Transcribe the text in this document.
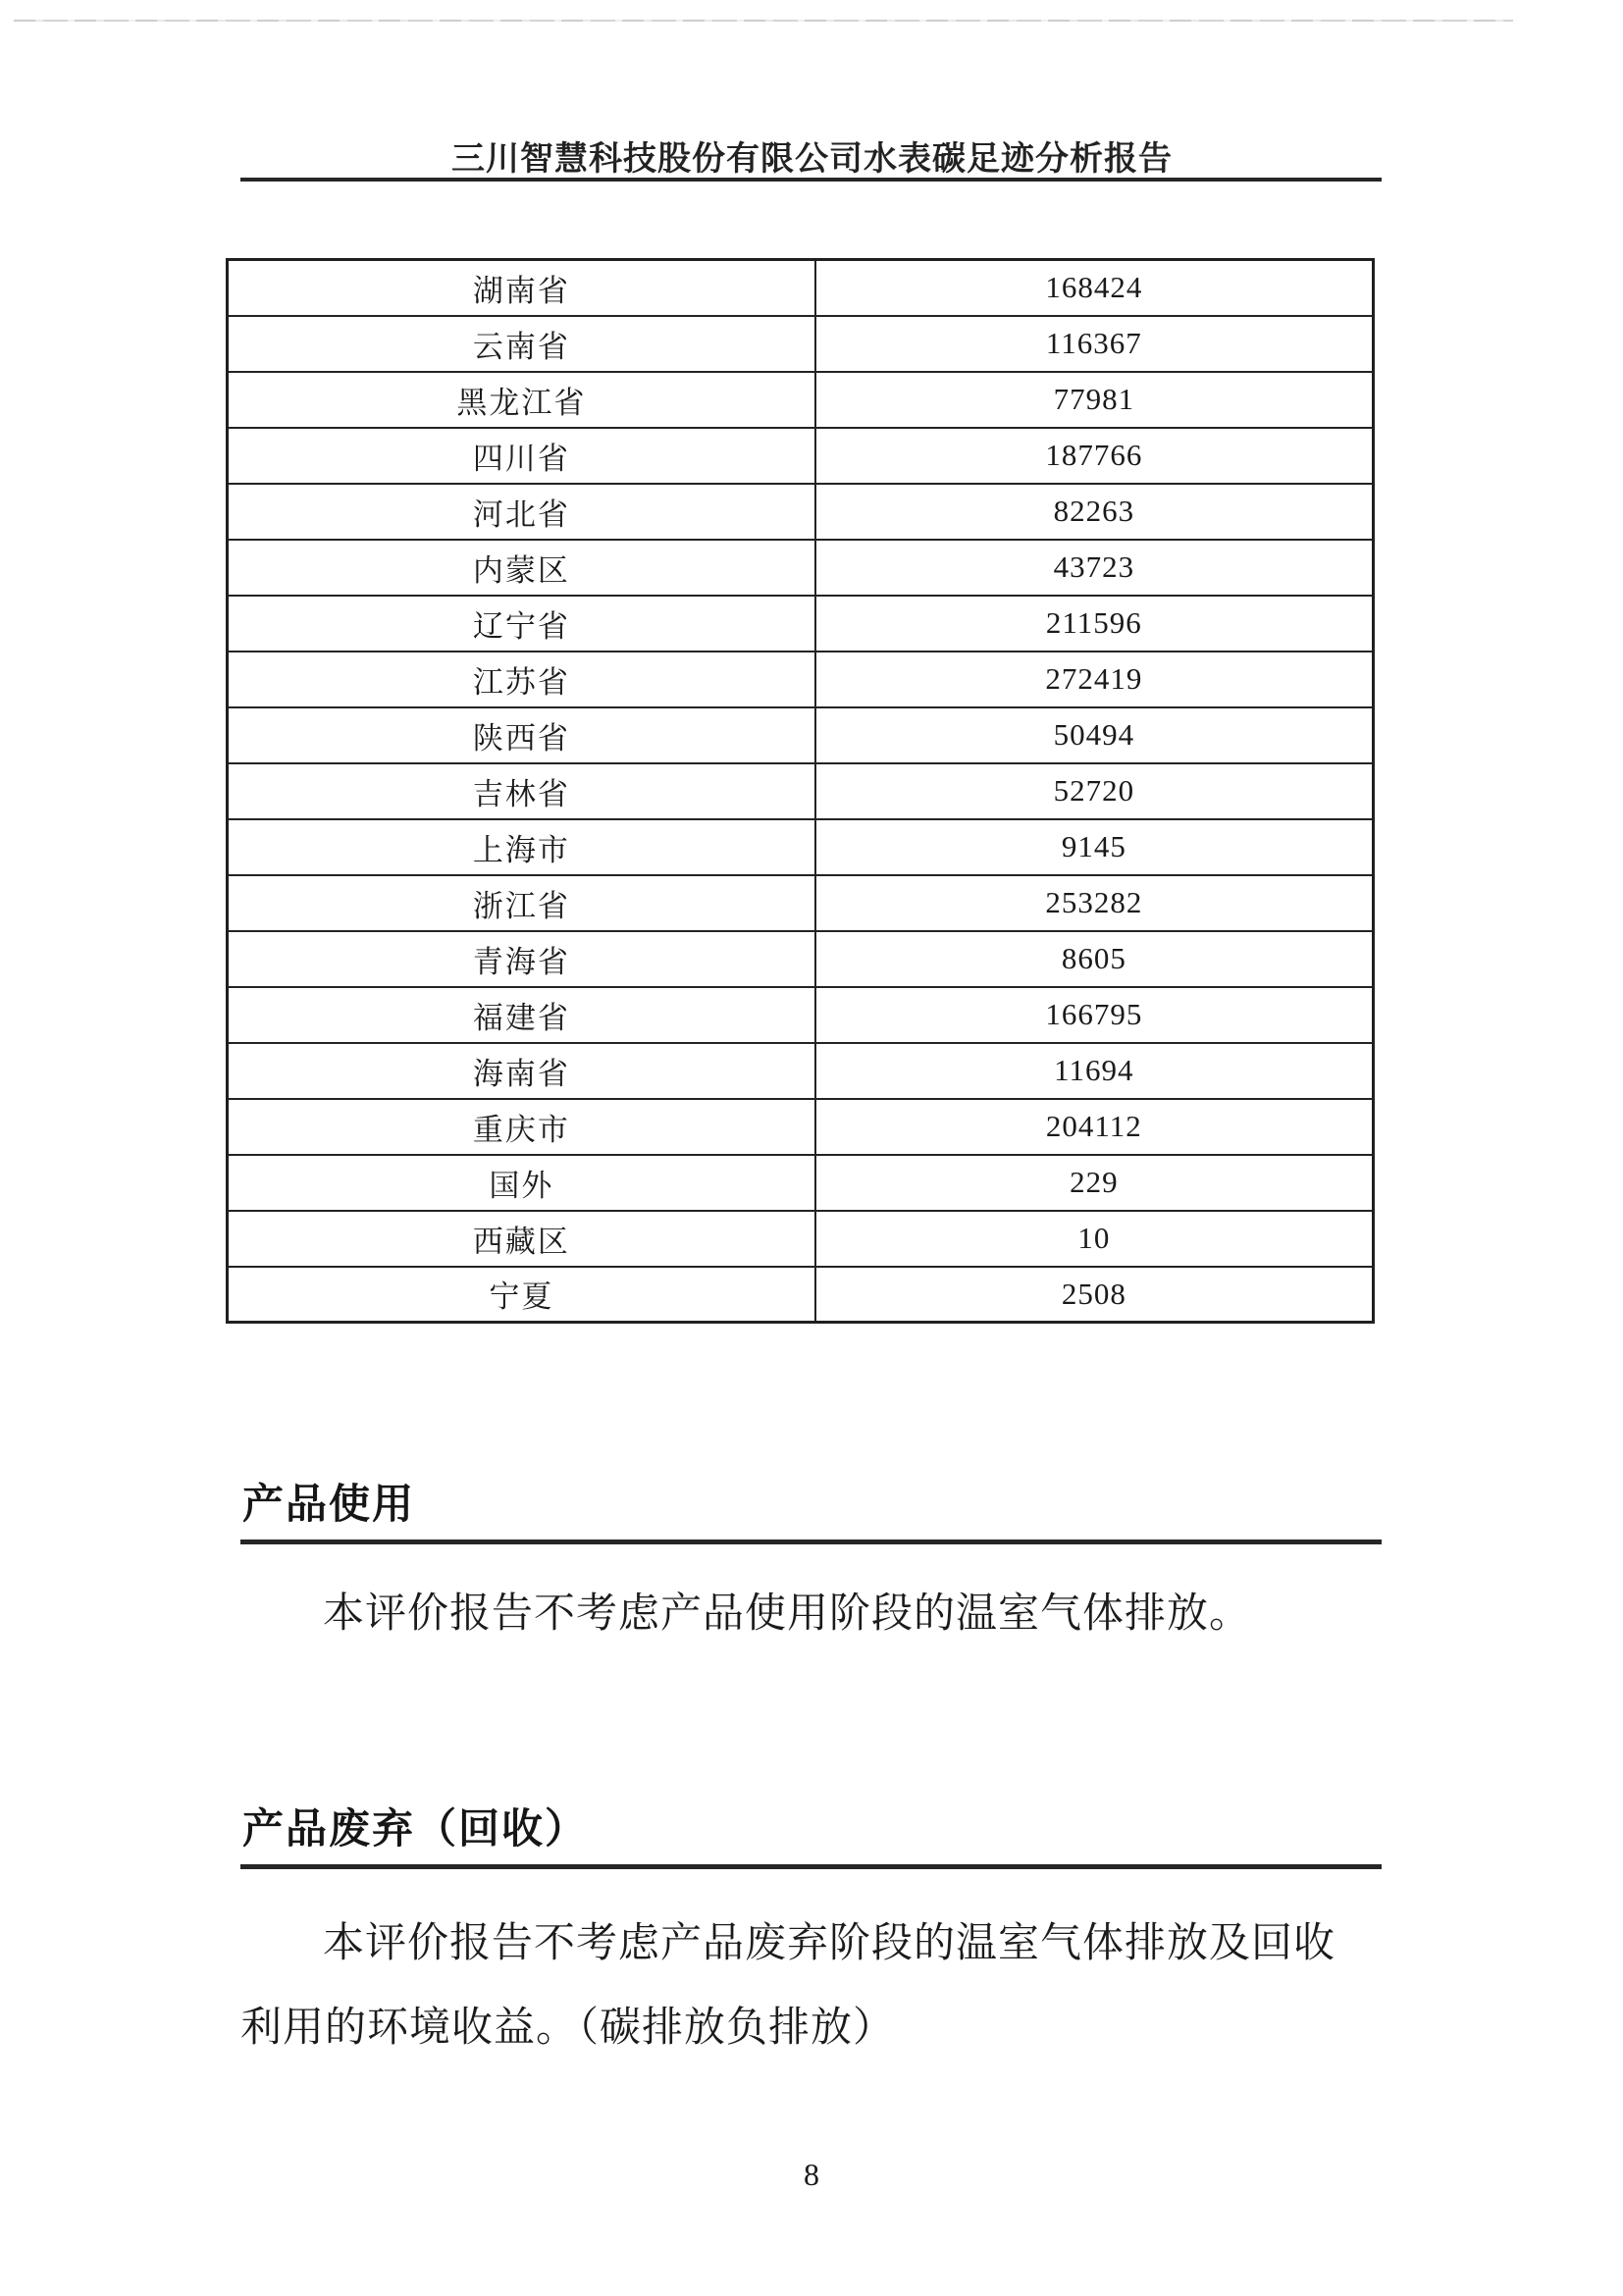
三川智慧科技股份有限公司水表碳足迹分析报告
湖南省	168424
云南省	116367
黑龙江省	77981
四川省	187766
河北省	82263
内蒙区	43723
辽宁省	211596
江苏省	272419
陕西省	50494
吉林省	52720
上海市	9145
浙江省	253282
青海省	8605
福建省	166795
海南省	11694
重庆市	204112
国外	229
西藏区	10
宁夏	2508
产品使用
本评价报告不考虑产品使用阶段的温室气体排放。
产品废弃（回收）
本评价报告不考虑产品废弃阶段的温室气体排放及回收利用的环境收益。（碳排放负排放）
8
